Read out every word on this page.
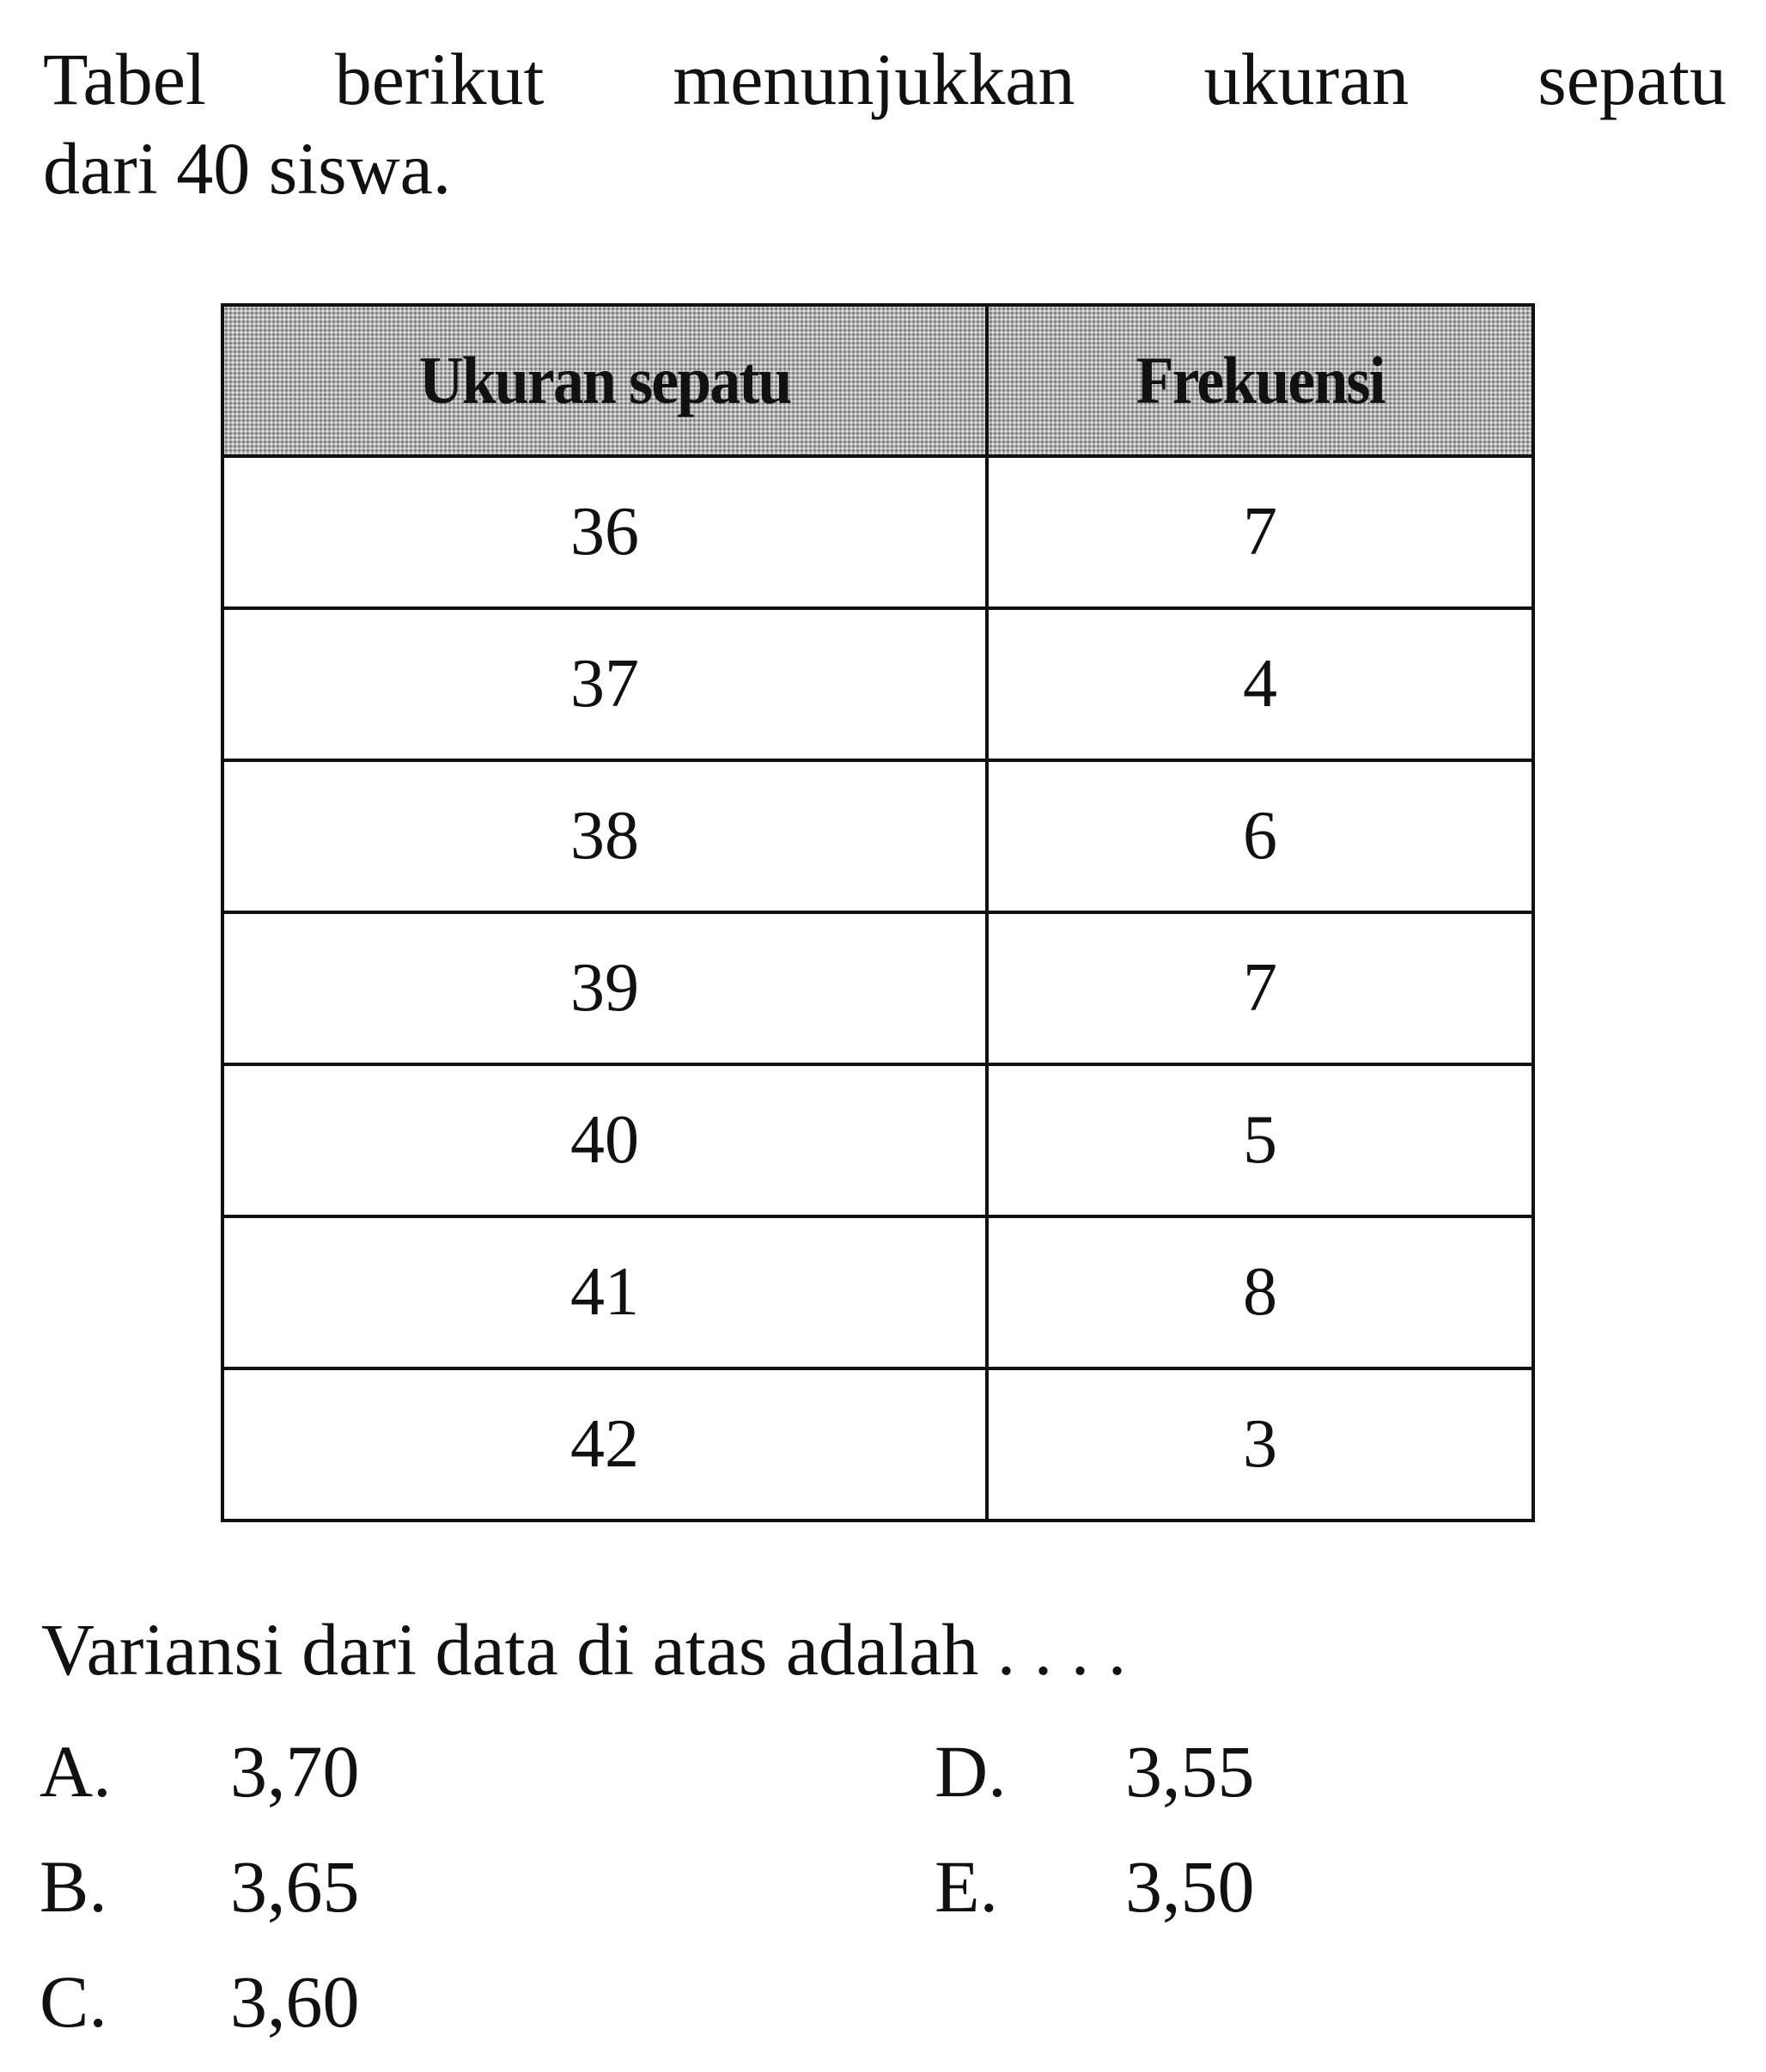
Tabel berikut menunjukkan ukuran sepatu
dari 40 siswa.

Ukuran sepatu	Frekuensi
36	7
37	4
38	6
39	7
40	5
41	8
42	3

Variansi dari data di atas adalah . . . .

A. 3,70
B. 3,65
C. 3,60
D. 3,55
E. 3,50
